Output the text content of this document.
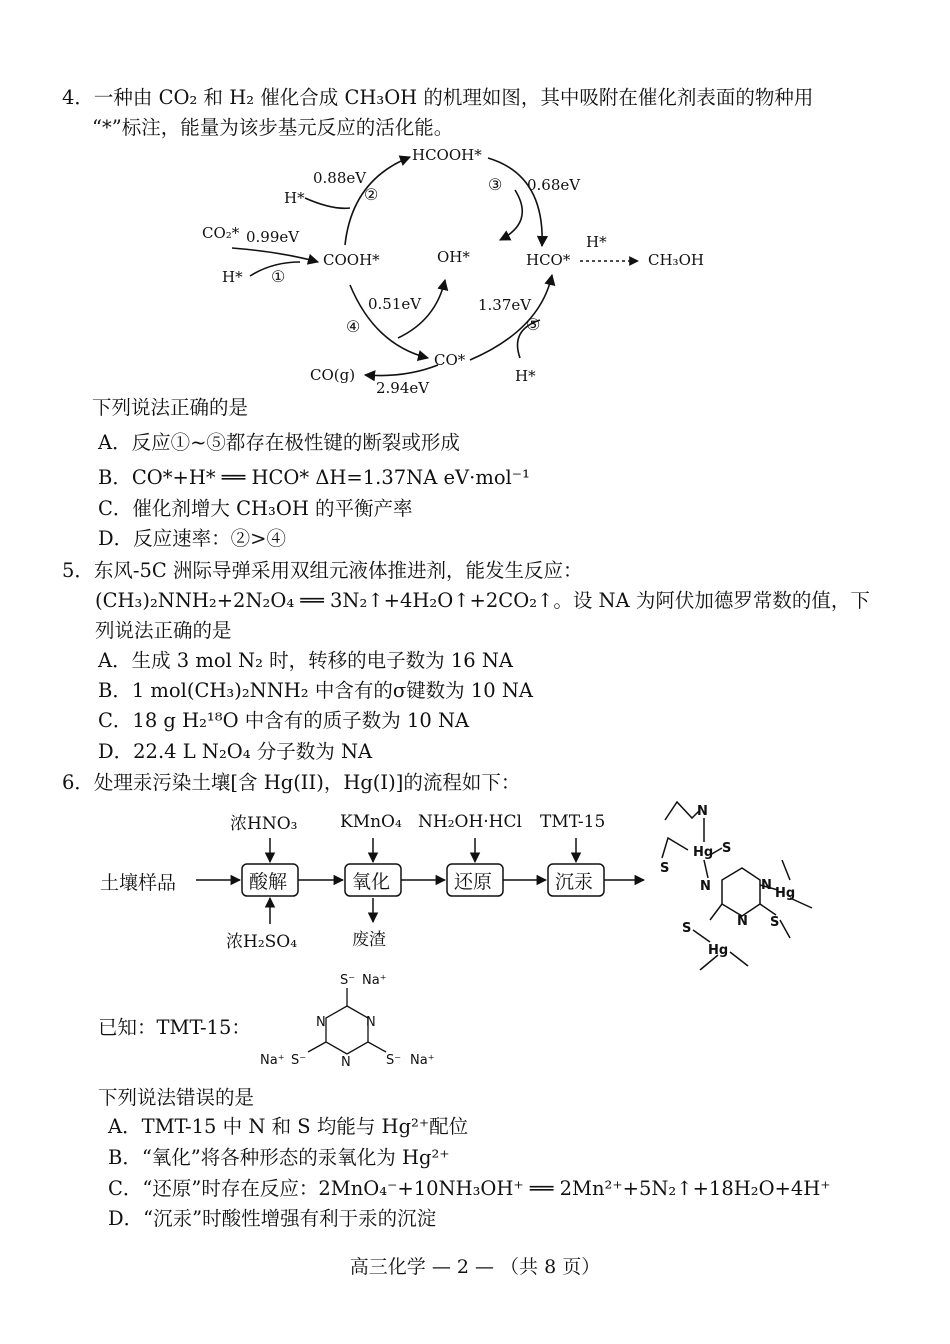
4．一种由 CO₂ 和 H₂ 催化合成 CH₃OH 的机理如图，其中吸附在催化剂表面的物种用
“*”标注，能量为该步基元反应的活化能。
HCOOH*
CO₂*
COOH*	OH*	HCO*	CH₃OH
CO*
CO(g)
H*
H*
H*
H*
0.99eV
0.88eV	0.68eV
0.51eV	1.37eV
2.94eV
①
②
③
④	⑤
下列说法正确的是
A．反应①~⑤都存在极性键的断裂或形成
B．CO*+H* ══ HCO* ΔH=1.37NA eV·mol⁻¹
C．催化剂增大 CH₃OH 的平衡产率
D．反应速率：②>④
5．东风-5C 洲际导弹采用双组元液体推进剂，能发生反应：
(CH₃)₂NNH₂+2N₂O₄ ══ 3N₂↑+4H₂O↑+2CO₂↑。设 NA 为阿伏加德罗常数的值，下
列说法正确的是
A．生成 3 mol N₂ 时，转移的电子数为 16 NA
B．1 mol(CH₃)₂NNH₂ 中含有的σ键数为 10 NA
C．18 g H₂¹⁸O 中含有的质子数为 10 NA
D．22.4 L N₂O₄ 分子数为 NA
6．处理汞污染土壤[含 Hg(II)，Hg(I)]的流程如下：
土壤样品	酸解	氧化	还原	沉汞
浓HNO₃	KMnO₄ NH₂OH·HCl TMT-15
浓H₂SO₄	废渣
N
Hg S
S
N	N
N
Hg
S
S
Hg
S⁻ Na⁺
N	N
N
Na⁺ S⁻	S⁻ Na⁺
已知：TMT-15：
下列说法错误的是
A．TMT-15 中 N 和 S 均能与 Hg²⁺配位
B．“氧化”将各种形态的汞氧化为 Hg²⁺
C．“还原”时存在反应：2MnO₄⁻+10NH₃OH⁺ ══ 2Mn²⁺+5N₂↑+18H₂O+4H⁺
D．“沉汞”时酸性增强有利于汞的沉淀
高三化学 — 2 — （共 8 页）
